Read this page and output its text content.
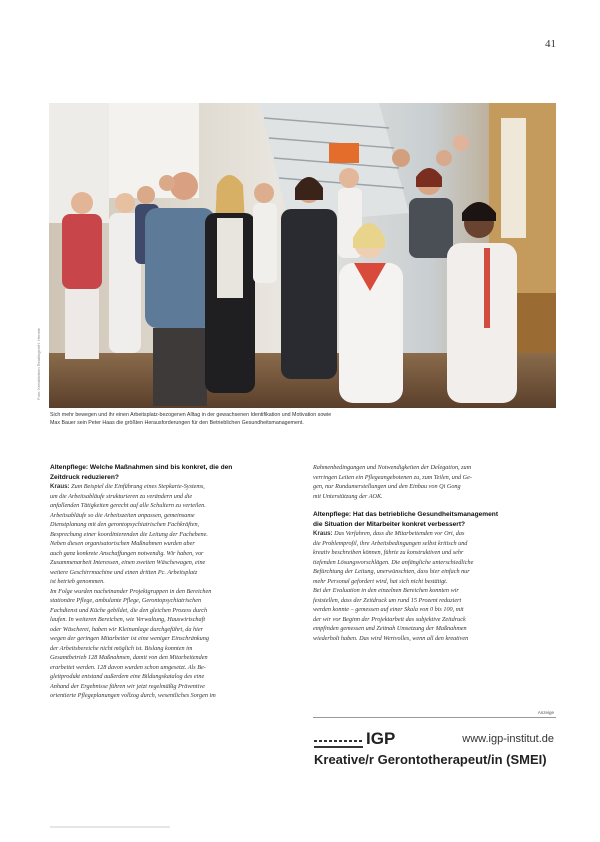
41
Foto: Kreiskliniken Reutlingen/H. Hermle
Sich mehr bewegen und ihr einen Arbeitsplatz-bezogenen Alltag in der gewachsenen Identifikation und Motivation sowie
Max Bauer sein Peter Haas die größten Herausforderungen für den Betrieblichen Gesundheitsmanagement.

Altenpflege: Welche Maßnahmen sind bis konkret, die den

Zeitdruck reduzieren?

Kraus: Zum Beispiel die Einführung eines Stepkarte-Systems,

um die Arbeitsabläufe strukturieren zu verändern und die

anfallenden Tätigkeiten gerecht auf alle Schultern zu verteilen.

Arbeitsabläufe so die Arbeitszeiten anpassen, gemeinsame

Dienstplanung mit den gerontopsychiatrischen Fachkräften,

Besprechung einer koordinierenden die Leitung der Fachebene.

Neben diesen organisatorischen Maßnahmen wurden aber

auch ganz konkrete Anschaffungen notwendig. Wir haben, vor

Zusammenarbeit Interessen, einen zweiten Wäschewagen, eine

weitere Geschirrmachine und einen dritten Pc. Arbeitsplatz

ist betrieb genommen.

Im Folge wurden nacheinander Projektgruppen in den Bereichen

stationäre Pflege, ambulante Pflege, Gerontopsychiatrischen

Fachdienst und Küche gebildet, die den gleichen Prozess durch

laufen. In weiteren Bereichen, wie Verwaltung, Hauswirtschaft

oder Wäscherei, haben wir Kleinanlage durchgeführt, da hier

wegen der geringen Mitarbeiter ist eine weniger Einschränkung

der Arbeitsbereiche nicht möglich ist. Bislang konnten im

Gesamtbetrieb 128 Maßnahmen, damit von den Mitarbeitenden

erarbeitet werden. 128 davon wurden schon umgesetzt. Als Be-

gleitprodukt entstand außerdem eine Bildungskatalog des eine

Anhand der Ergebnisse führen wir jetzt regelmäßig Präventive

orientierte Pflegeplanungen vollzog durch, wesentliches Sorgen im

Rahmenbedingungen und Notwendigkeiten der Delegation, zum

verringen Leiten ein Pflegeangebotenen zu, zum Teilen, und Ge-

gen, nur Rundumerstellungen und den Einbau von Qi Gong

mit Unterstützung der AOK.

Altenpflege: Hat das betriebliche Gesundheitsmanagement

die Situation der Mitarbeiter konkret verbessert?

Kraus: Das Verfahren, dass die Mitarbeitenden vor Ort, das

die Problemprofil, ihre Arbeitsbedingungen selbst kritisch und

kreativ beschreiben können, führte zu konstruktiven und sehr

tiefenden Lösungsvorschlägen. Die anfängliche unterschiedliche

Befürchtung der Leitung, unerwünschten, dass hier einfach nur

mehr Personal gefordert wird, hat sich nicht bestätigt.

Bei der Evaluation in den einzelnen Bereichen konnten wir

feststellen, dass der Zeitdruck um rund 15 Prozent reduziert

werden konnte – gemessen auf einer Skala von 0 bis 100, mit

der wir vor Beginn der Projektarbeit das subjektive Zeitdruck

empfinden gemessen und Zeitnah Umsetzung der Maßnahmen

wiederholt haben. Das wird Wertvolles, wenn all den kreativen

Anzeige
IGP	www.igp-institut.de
Kreative/r Gerontotherapeut/in (SMEI)
